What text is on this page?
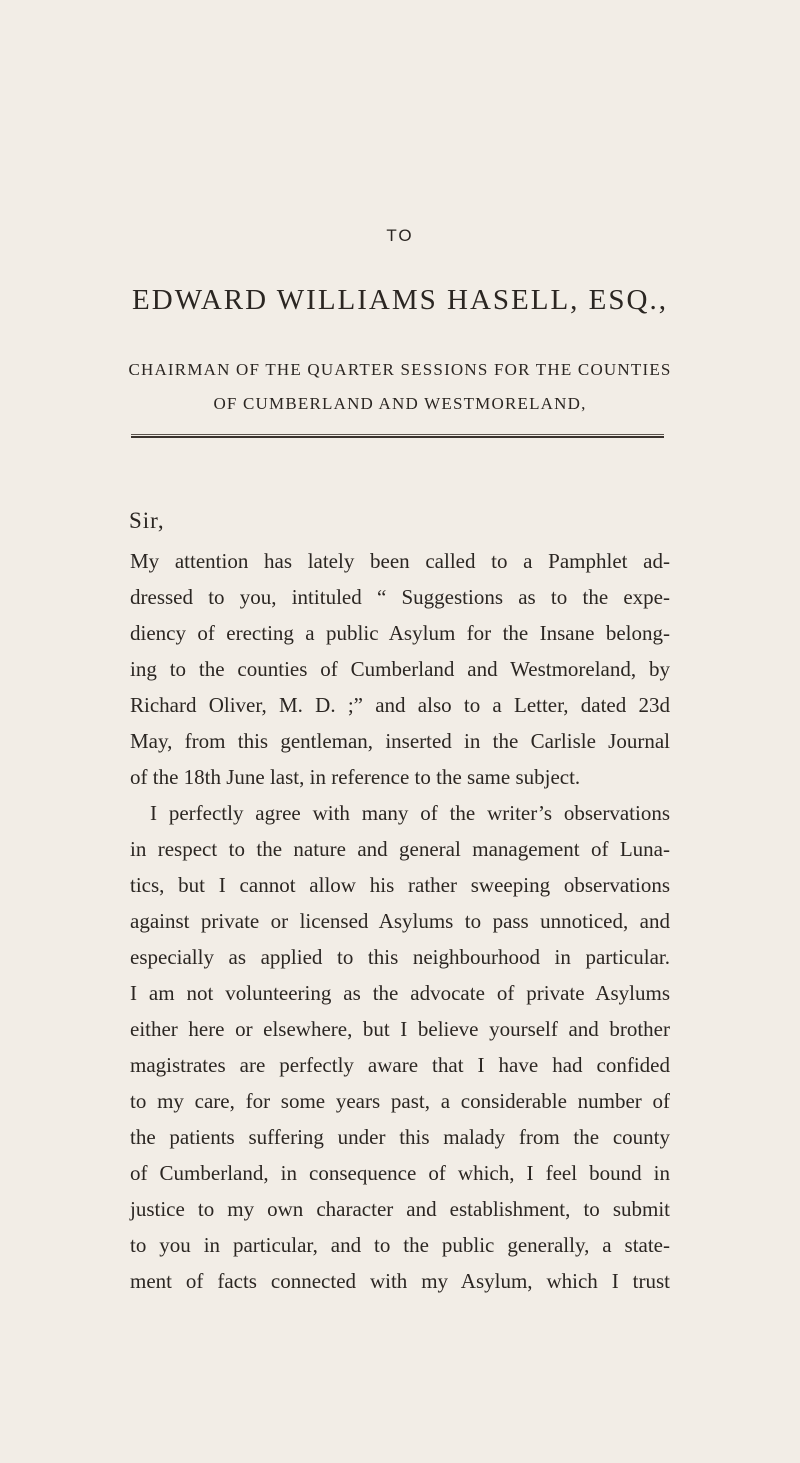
TO
EDWARD WILLIAMS HASELL, ESQ.,
CHAIRMAN OF THE QUARTER SESSIONS FOR THE COUNTIES
OF CUMBERLAND AND WESTMORELAND,
Sir,
My attention has lately been called to a Pamphlet ad-
dressed to you, intituled “ Suggestions as to the expe-
diency of erecting a public Asylum for the Insane belong-
ing to the counties of Cumberland and Westmoreland, by
Richard Oliver, M. D. ;” and also to a Letter, dated 23d
May, from this gentleman, inserted in the Carlisle Journal
of the 18th June last, in reference to the same subject.
I perfectly agree with many of the writer’s observations
in respect to the nature and general management of Luna-
tics, but I cannot allow his rather sweeping observations
against private or licensed Asylums to pass unnoticed, and
especially as applied to this neighbourhood in particular.
I am not volunteering as the advocate of private Asylums
either here or elsewhere, but I believe yourself and brother
magistrates are perfectly aware that I have had confided
to my care, for some years past, a considerable number of
the patients suffering under this malady from the county
of Cumberland, in consequence of which, I feel bound in
justice to my own character and establishment, to submit
to you in particular, and to the public generally, a state-
ment of facts connected with my Asylum, which I trust
